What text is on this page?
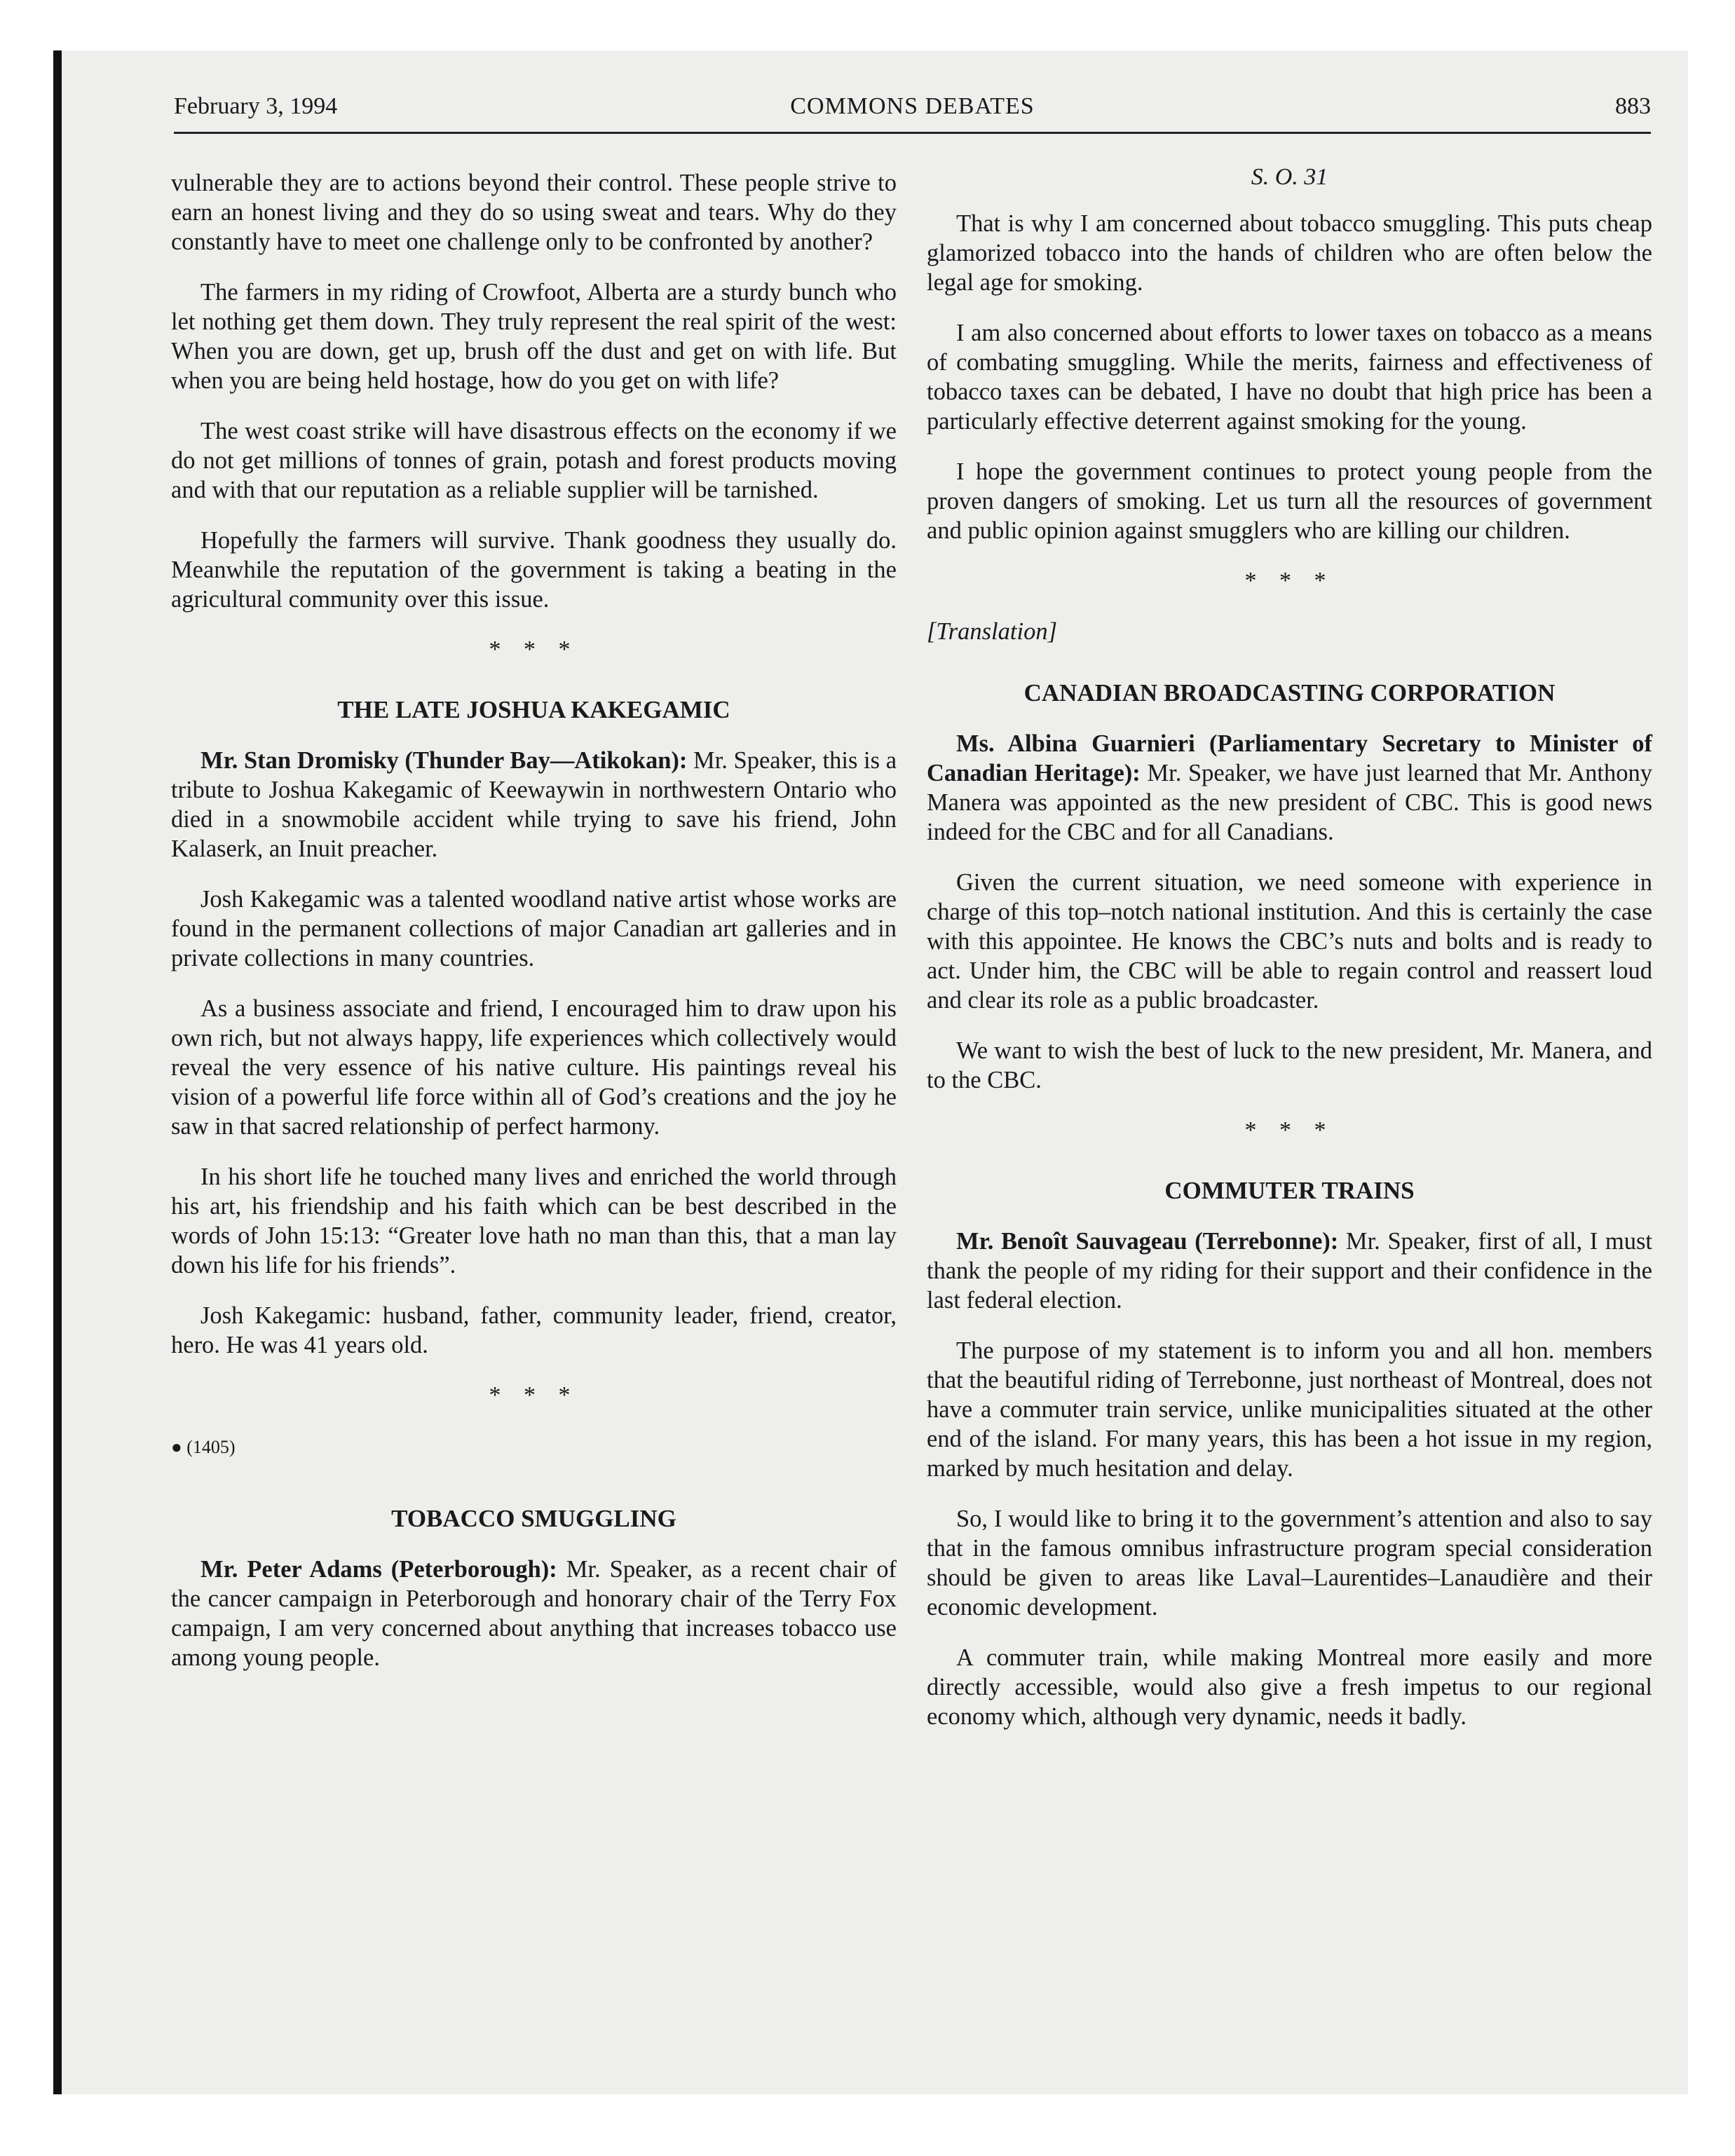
February 3, 1994	COMMONS DEBATES	883

vulnerable they are to actions beyond their control. These people strive to earn an honest living and they do so using sweat and tears. Why do they constantly have to meet one challenge only to be confronted by another?

The farmers in my riding of Crowfoot, Alberta are a sturdy bunch who let nothing get them down. They truly represent the real spirit of the west: When you are down, get up, brush off the dust and get on with life. But when you are being held hostage, how do you get on with life?

The west coast strike will have disastrous effects on the economy if we do not get millions of tonnes of grain, potash and forest products moving and with that our reputation as a reliable supplier will be tarnished.

Hopefully the farmers will survive. Thank goodness they usually do. Meanwhile the reputation of the government is taking a beating in the agricultural community over this issue.

* * *
THE LATE JOSHUA KAKEGAMIC

Mr. Stan Dromisky (Thunder Bay—Atikokan): Mr. Speaker, this is a tribute to Joshua Kakegamic of Keewaywin in northwestern Ontario who died in a snowmobile accident while trying to save his friend, John Kalaserk, an Inuit preacher.

Josh Kakegamic was a talented woodland native artist whose works are found in the permanent collections of major Canadian art galleries and in private collections in many countries.

As a business associate and friend, I encouraged him to draw upon his own rich, but not always happy, life experiences which collectively would reveal the very essence of his native culture. His paintings reveal his vision of a powerful life force within all of God’s creations and the joy he saw in that sacred relationship of perfect harmony.

In his short life he touched many lives and enriched the world through his art, his friendship and his faith which can be best described in the words of John 15:13: “Greater love hath no man than this, that a man lay down his life for his friends”.

Josh Kakegamic: husband, father, community leader, friend, creator, hero. He was 41 years old.

* * *
● (1405)
TOBACCO SMUGGLING

Mr. Peter Adams (Peterborough): Mr. Speaker, as a recent chair of the cancer campaign in Peterborough and honorary chair of the Terry Fox campaign, I am very concerned about anything that increases tobacco use among young people.

S. O. 31

That is why I am concerned about tobacco smuggling. This puts cheap glamorized tobacco into the hands of children who are often below the legal age for smoking.

I am also concerned about efforts to lower taxes on tobacco as a means of combating smuggling. While the merits, fairness and effectiveness of tobacco taxes can be debated, I have no doubt that high price has been a particularly effective deterrent against smoking for the young.

I hope the government continues to protect young people from the proven dangers of smoking. Let us turn all the resources of government and public opinion against smugglers who are killing our children.

* * *
[Translation]
CANADIAN BROADCASTING CORPORATION

Ms. Albina Guarnieri (Parliamentary Secretary to Minister of Canadian Heritage): Mr. Speaker, we have just learned that Mr. Anthony Manera was appointed as the new president of CBC. This is good news indeed for the CBC and for all Canadians.

Given the current situation, we need someone with experience in charge of this top–notch national institution. And this is certainly the case with this appointee. He knows the CBC’s nuts and bolts and is ready to act. Under him, the CBC will be able to regain control and reassert loud and clear its role as a public broadcaster.

We want to wish the best of luck to the new president, Mr. Manera, and to the CBC.

* * *
COMMUTER TRAINS

Mr. Benoît Sauvageau (Terrebonne): Mr. Speaker, first of all, I must thank the people of my riding for their support and their confidence in the last federal election.

The purpose of my statement is to inform you and all hon. members that the beautiful riding of Terrebonne, just northeast of Montreal, does not have a commuter train service, unlike municipalities situated at the other end of the island. For many years, this has been a hot issue in my region, marked by much hesitation and delay.

So, I would like to bring it to the government’s attention and also to say that in the famous omnibus infrastructure program special consideration should be given to areas like Laval–Laurentides–Lanaudière and their economic development.

A commuter train, while making Montreal more easily and more directly accessible, would also give a fresh impetus to our regional economy which, although very dynamic, needs it badly.
